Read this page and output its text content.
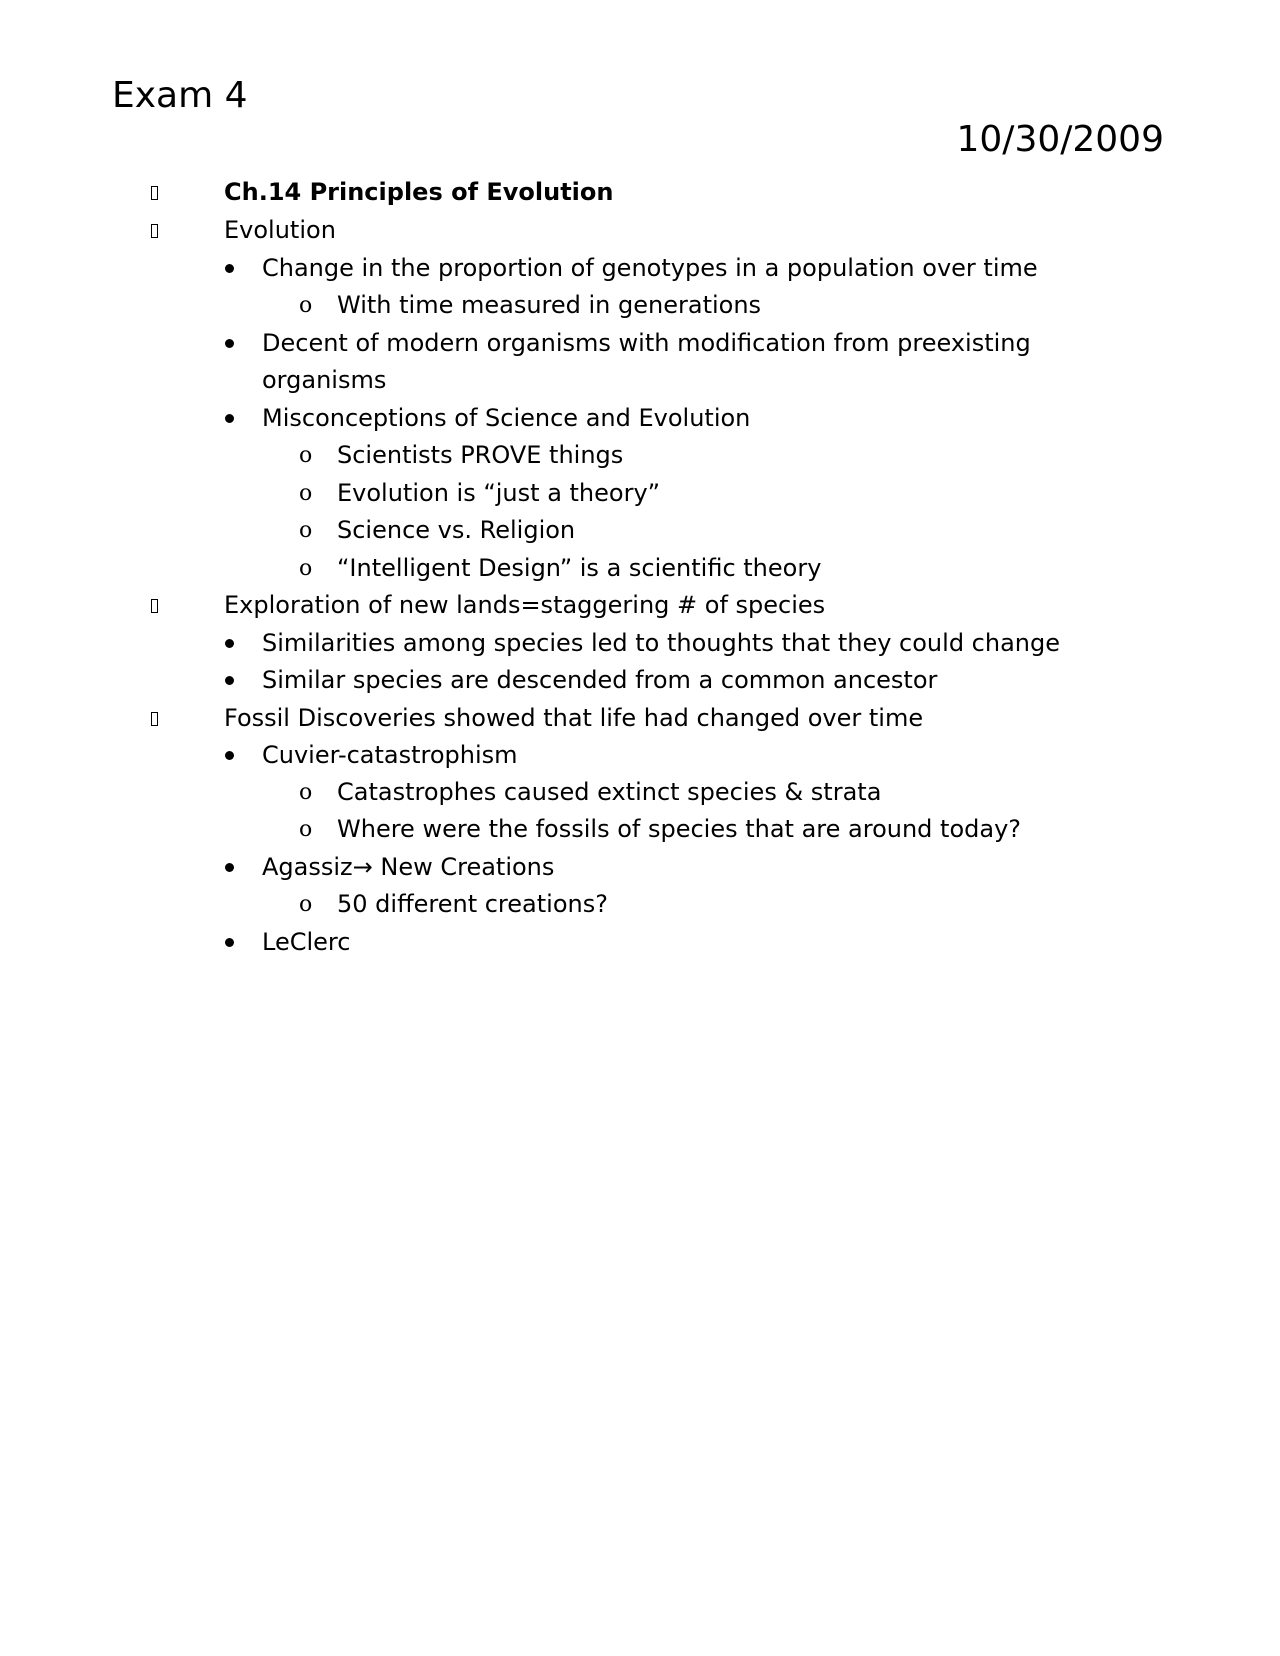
Exam 4
10/30/2009
Ch.14 Principles of Evolution
Evolution
Change in the proportion of genotypes in a population over time
o With time measured in generations
Decent of modern organisms with modification from preexisting
organisms
Misconceptions of Science and Evolution
o Scientists PROVE things
o Evolution is “just a theory”
o Science vs. Religion
o “Intelligent Design” is a scientific theory
Exploration of new lands=staggering # of species
Similarities among species led to thoughts that they could change
Similar species are descended from a common ancestor
Fossil Discoveries showed that life had changed over time
Cuvier-catastrophism
o Catastrophes caused extinct species & strata
o Where were the fossils of species that are around today?
Agassiz→ New Creations
o 50 different creations?
LeClerc
